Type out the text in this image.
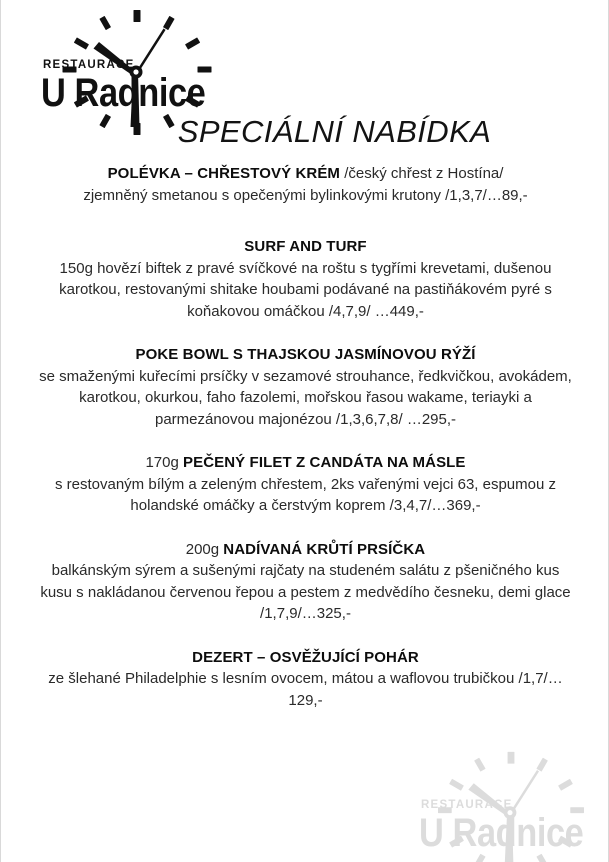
RESTAURACE
U Radnice
SPECIÁLNÍ NABÍDKA
POLÉVKA – CHŘESTOVÝ KRÉM /český chřest z Hostína/
zjemněný smetanou s opečenými bylinkovými krutony /1,3,7/…89,-
SURF AND TURF
150g hovězí biftek z pravé svíčkové na roštu s tygřími krevetami, dušenou karotkou, restovanými shitake houbami podávané na pastiňákovém pyré s koňakovou omáčkou /4,7,9/ …449,-
POKE BOWL S THAJSKOU JASMÍNOVOU RÝŽÍ
se smaženými kuřecími prsíčky v sezamové strouhance, ředkvičkou, avokádem, karotkou, okurkou, faho fazolemi, mořskou řasou wakame, teriayki a parmezánovou majonézou /1,3,6,7,8/ …295,-
170g PEČENÝ FILET Z CANDÁTA NA MÁSLE
s restovaným bílým a zeleným chřestem, 2ks vařenými vejci 63, espumou z holandské omáčky a čerstvým koprem /3,4,7/…369,-
200g NADÍVANÁ KRŮTÍ PRSÍČKA
balkánským sýrem a sušenými rajčaty na studeném salátu z pšeničného kus kusu s nakládanou červenou řepou a pestem z medvědího česneku, demi glace /1,7,9/…325,-
DEZERT – OSVĚŽUJÍCÍ POHÁR
ze šlehané Philadelphie s lesním ovocem, mátou a waflovou trubičkou /1,7/…129,-
RESTAURACE
U Radnice
